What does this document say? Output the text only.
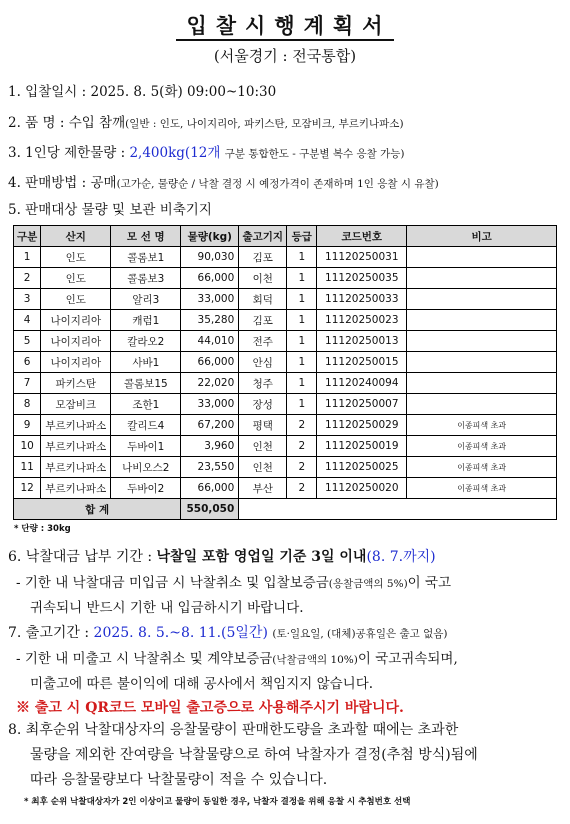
입찰시행계획서
(서울경기 : 전국통합)
1. 입찰일시 : 2025. 8. 5(화) 09:00~10:30
2. 품 명 : 수입 참깨(일반 : 인도, 나이지리아, 파키스탄, 모잠비크, 부르키나파소)
3. 1인당 제한물량 : 2,400kg(12개 구분 통합한도 - 구분별 복수 응찰 가능)
4. 판매방법 : 공매(고가순, 물량순 / 낙찰 결정 시 예정가격이 존재하며 1인 응찰 시 유찰)
5. 판매대상 물량 및 보관 비축기지
구분	산지	모 선 명	물량(kg)	출고기지	등급	코드번호	비고
1	인도	콜롬보1	90,030	김포	1	11120250031	
2	인도	콜롬보3	66,000	이천	1	11120250035	
3	인도	알리3	33,000	회덕	1	11120250033	
4	나이지리아	캐럼1	35,280	김포	1	11120250023	
5	나이지리아	칼라오2	44,010	전주	1	11120250013	
6	나이지리아	사바1	66,000	안심	1	11120250015	
7	파키스탄	콜롬보15	22,020	청주	1	11120240094	
8	모잠비크	조한1	33,000	장성	1	11120250007	
9	부르키나파소	칼리드4	67,200	평택	2	11120250029	이종피색 초과
10	부르키나파소	두바이1	3,960	인천	2	11120250019	이종피색 초과
11	부르키나파소	나비오스2	23,550	인천	2	11120250025	이종피색 초과
12	부르키나파소	두바이2	66,000	부산	2	11120250020	이종피색 초과
합 계			550,050				
* 단량 : 30kg
6. 낙찰대금 납부 기간 : 낙찰일 포함 영업일 기준 3일 이내(8. 7.까지)
- 기한 내 낙찰대금 미입금 시 낙찰취소 및 입찰보증금(응찰금액의 5%)이 국고
귀속되니 반드시 기한 내 입금하시기 바랍니다.
7. 출고기간 : 2025. 8. 5.~8. 11.(5일간) (토·일요일, (대체)공휴일은 출고 없음)
- 기한 내 미출고 시 낙찰취소 및 계약보증금(낙찰금액의 10%)이 국고귀속되며,
미출고에 따른 불이익에 대해 공사에서 책임지지 않습니다.
※ 출고 시 QR코드 모바일 출고증으로 사용해주시기 바랍니다.
8. 최후순위 낙찰대상자의 응찰물량이 판매한도량을 초과할 때에는 초과한
물량을 제외한 잔여량을 낙찰물량으로 하여 낙찰자가 결정(추첨 방식)됨에
따라 응찰물량보다 낙찰물량이 적을 수 있습니다.
* 최후 순위 낙찰대상자가 2인 이상이고 물량이 동일한 경우, 낙찰자 결정을 위해 응찰 시 추첨번호 선택
